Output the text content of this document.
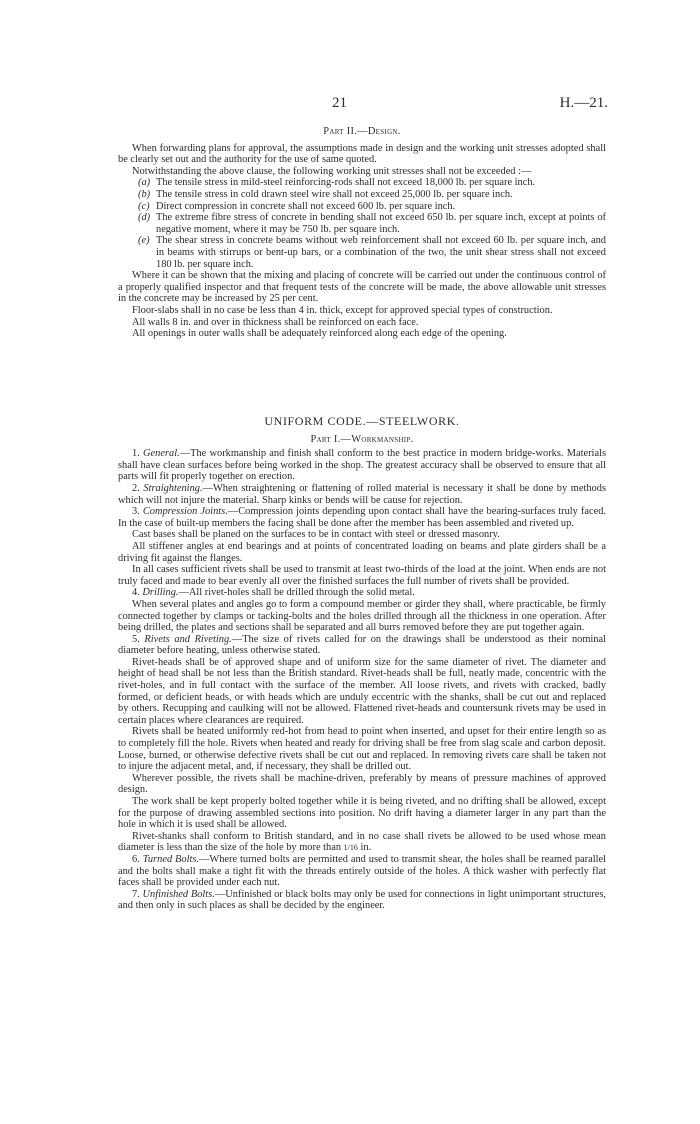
21	H.—21.
Part II.—Design.

When forwarding plans for approval, the assumptions made in design and the working unit stresses adopted shall be clearly set out and the authority for the use of same quoted.

Notwithstanding the above clause, the following working unit stresses shall not be exceeded :—

(a) The tensile stress in mild-steel reinforcing-rods shall not exceed 18,000 lb. per square inch.
(b) The tensile stress in cold drawn steel wire shall not exceed 25,000 lb. per square inch.
(c) Direct compression in concrete shall not exceed 600 lb. per square inch.
(d) The extreme fibre stress of concrete in bending shall not exceed 650 lb. per square inch, except at points of negative moment, where it may be 750 lb. per square inch.
(e) The shear stress in concrete beams without web reinforcement shall not exceed 60 lb. per square inch, and in beams with stirrups or bent-up bars, or a combination of the two, the unit shear stress shall not exceed 180 lb. per square inch.

Where it can be shown that the mixing and placing of concrete will be carried out under the continuous control of a properly qualified inspector and that frequent tests of the concrete will be made, the above allowable unit stresses in the concrete may be increased by 25 per cent.

Floor-slabs shall in no case be less than 4 in. thick, except for approved special types of construction.

All walls 8 in. and over in thickness shall be reinforced on each face.

All openings in outer walls shall be adequately reinforced along each edge of the opening.

UNIFORM CODE.—STEELWORK.
Part I.—Workmanship.

1. General.—The workmanship and finish shall conform to the best practice in modern bridge-works. Materials shall have clean surfaces before being worked in the shop. The greatest accuracy shall be observed to ensure that all parts will fit properly together on erection.

2. Straightening.—When straightening or flattening of rolled material is necessary it shall be done by methods which will not injure the material. Sharp kinks or bends will be cause for rejection.

3. Compression Joints.—Compression joints depending upon contact shall have the bearing-surfaces truly faced. In the case of built-up members the facing shall be done after the member has been assembled and riveted up.

Cast bases shall be planed on the surfaces to be in contact with steel or dressed masonry.

All stiffener angles at end bearings and at points of concentrated loading on beams and plate girders shall be a driving fit against the flanges.

In all cases sufficient rivets shall be used to transmit at least two-thirds of the load at the joint. When ends are not truly faced and made to bear evenly all over the finished surfaces the full number of rivets shall be provided.

4. Drilling.—All rivet-holes shall be drilled through the solid metal.

When several plates and angles go to form a compound member or girder they shall, where practicable, be firmly connected together by clamps or tacking-bolts and the holes drilled through all the thickness in one operation. After being drilled, the plates and sections shall be separated and all burrs removed before they are put together again.

5. Rivets and Riveting.—The size of rivets called for on the drawings shall be understood as their nominal diameter before heating, unless otherwise stated.

Rivet-heads shall be of approved shape and of uniform size for the same diameter of rivet. The diameter and height of head shall be not less than the British standard. Rivet-heads shall be full, neatly made, concentric with the rivet-holes, and in full contact with the surface of the member. All loose rivets, and rivets with cracked, badly formed, or deficient heads, or with heads which are unduly eccentric with the shanks, shall be cut out and replaced by others. Recupping and caulking will not be allowed. Flattened rivet-heads and countersunk rivets may be used in certain places where clearances are required.

Rivets shall be heated uniformly red-hot from head to point when inserted, and upset for their entire length so as to completely fill the hole. Rivets when heated and ready for driving shall be free from slag scale and carbon deposit. Loose, burned, or otherwise defective rivets shall be cut out and replaced. In removing rivets care shall be taken not to injure the adjacent metal, and, if necessary, they shall be drilled out.

Wherever possible, the rivets shall be machine-driven, preferably by means of pressure machines of approved design.

The work shall be kept properly bolted together while it is being riveted, and no drifting shall be allowed, except for the purpose of drawing assembled sections into position. No drift having a diameter larger in any part than the hole in which it is used shall be allowed.

Rivet-shanks shall conform to British standard, and in no case shall rivets be allowed to be used whose mean diameter is less than the size of the hole by more than 1/16 in.

6. Turned Bolts.—Where turned bolts are permitted and used to transmit shear, the holes shall be reamed parallel and the bolts shall make a tight fit with the threads entirely outside of the holes. A thick washer with perfectly flat faces shall be provided under each nut.

7. Unfinished Bolts.—Unfinished or black bolts may only be used for connections in light unimportant structures, and then only in such places as shall be decided by the engineer.
